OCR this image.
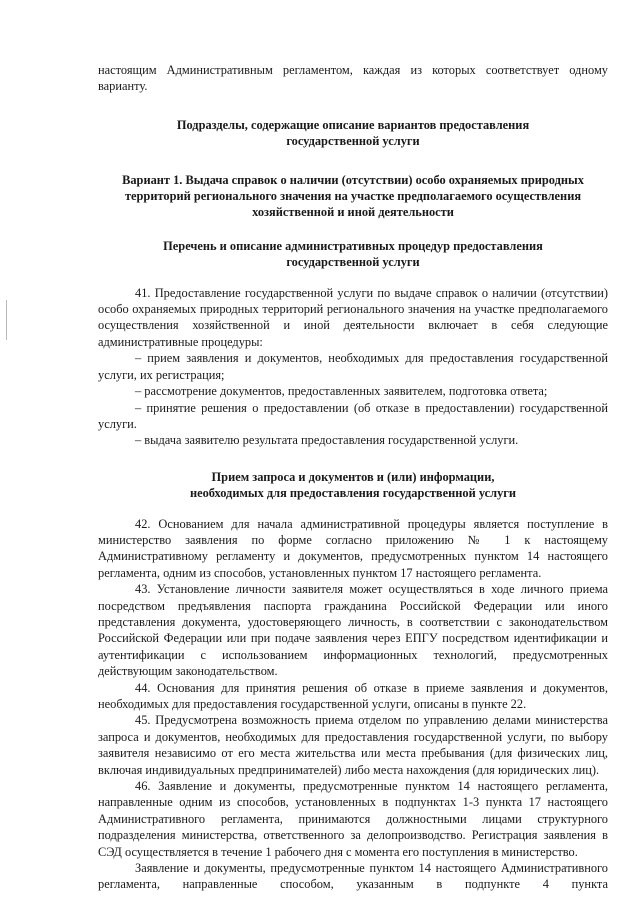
настоящим Административным регламентом, каждая из которых соответствует одному

варианту.

Подразделы, содержащие описание вариантов предоставления
государственной услуги
Вариант 1. Выдача справок о наличии (отсутствии) особо охраняемых природных
территорий регионального значения на участке предполагаемого осуществления
хозяйственной и иной деятельности
Перечень и описание административных процедур предоставления
государственной услуги

41. Предоставление государственной услуги по выдаче справок о наличии (отсутствии) особо охраняемых природных территорий регионального значения на участке предполагаемого осуществления хозяйственной и иной деятельности включает в себя следующие административные процедуры:

– прием заявления и документов, необходимых для предоставления государственной услуги, их регистрация;

– рассмотрение документов, предоставленных заявителем, подготовка ответа;

– принятие решения о предоставлении (об отказе в предоставлении) государственной услуги.

– выдача заявителю результата предоставления государственной услуги.

Прием запроса и документов и (или) информации,
необходимых для предоставления государственной услуги

42. Основанием для начала административной процедуры является поступление в министерство заявления по форме согласно приложению № 1 к настоящему Административному регламенту и документов, предусмотренных пунктом 14 настоящего регламента, одним из способов, установленных пунктом 17 настоящего регламента.

43. Установление личности заявителя может осуществляться в ходе личного приема посредством предъявления паспорта гражданина Российской Федерации или иного представления документа, удостоверяющего личность, в соответствии с законодательством Российской Федерации или при подаче заявления через ЕПГУ посредством идентификации и аутентификации с использованием информационных технологий, предусмотренных действующим законодательством.

44. Основания для принятия решения об отказе в приеме заявления и документов, необходимых для предоставления государственной услуги, описаны в пункте 22.

45. Предусмотрена возможность приема отделом по управлению делами министерства запроса и документов, необходимых для предоставления государственной услуги, по выбору заявителя независимо от его места жительства или места пребывания (для физических лиц, включая индивидуальных предпринимателей) либо места нахождения (для юридических лиц).

46. Заявление и документы, предусмотренные пунктом 14 настоящего регламента, направленные одним из способов, установленных в подпунктах 1-3 пункта 17 настоящего Административного регламента, принимаются должностными лицами структурного подразделения министерства, ответственного за делопроизводство. Регистрация заявления в СЭД осуществляется в течение 1 рабочего дня с момента его поступления в министерство.

Заявление и документы, предусмотренные пунктом 14 настоящего Административного регламента, направленные способом, указанным в подпункте 4 пункта
